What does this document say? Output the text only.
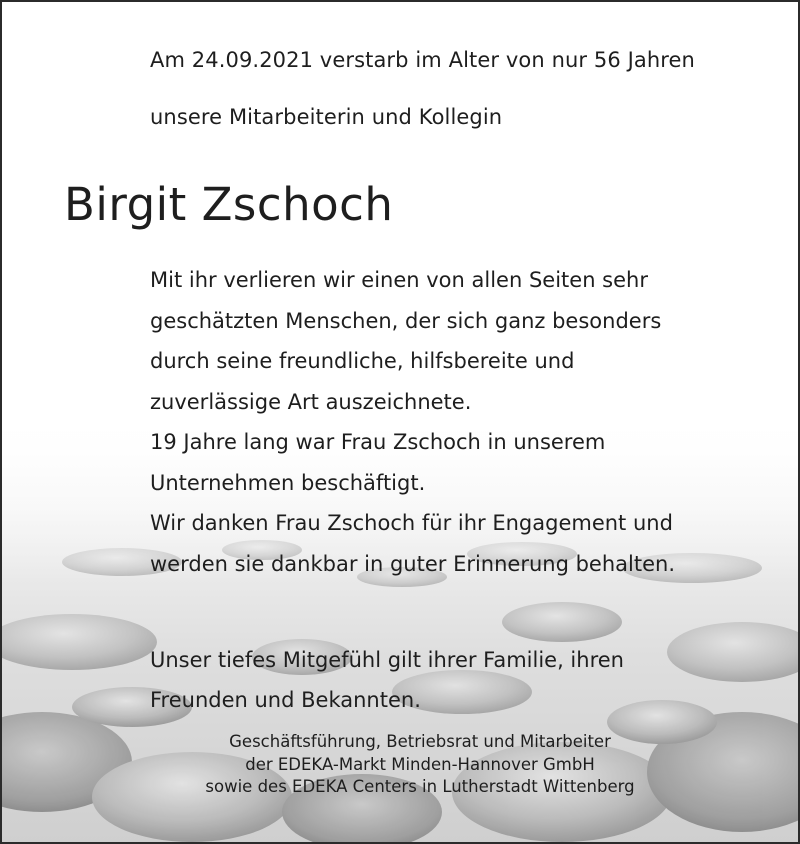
Am 24.09.2021 verstarb im Alter von nur 56 Jahren

unsere Mitarbeiterin und Kollegin

Birgit Zschoch

Mit ihr verlieren wir einen von allen Seiten sehr

geschätzten Menschen, der sich ganz besonders

durch seine freundliche, hilfsbereite und

zuverlässige Art auszeichnete.

19 Jahre lang war Frau Zschoch in unserem

Unternehmen beschäftigt.

Wir danken Frau Zschoch für ihr Engagement und

werden sie dankbar in guter Erinnerung behalten.

Unser tiefes Mitgefühl gilt ihrer Familie, ihren

Freunden und Bekannten.

Geschäftsführung, Betriebsrat und Mitarbeiter

der EDEKA-Markt Minden-Hannover GmbH

sowie des EDEKA Centers in Lutherstadt Wittenberg
